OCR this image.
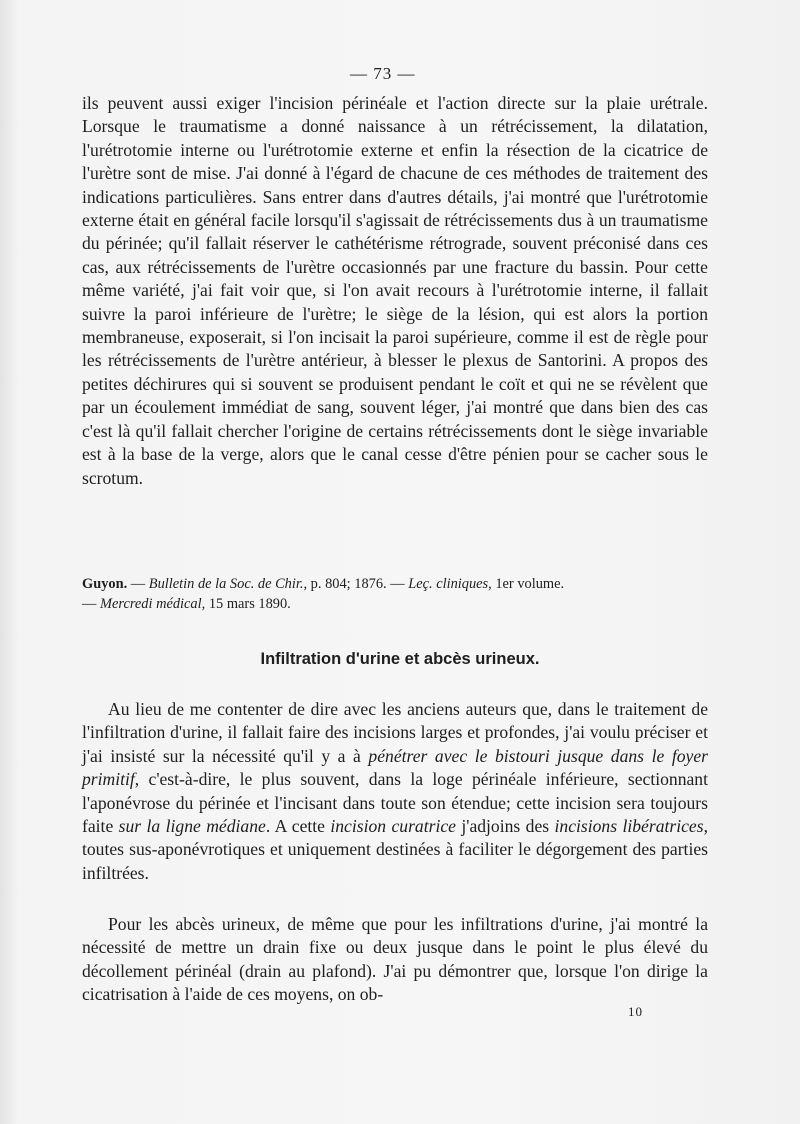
— 73 —

ils peuvent aussi exiger l'incision périnéale et l'action directe sur la plaie urétrale. Lorsque le traumatisme a donné naissance à un rétrécissement, la dilatation, l'urétrotomie interne ou l'urétrotomie externe et enfin la résection de la cicatrice de l'urètre sont de mise. J'ai donné à l'égard de chacune de ces méthodes de traitement des indications particulières. Sans entrer dans d'autres détails, j'ai montré que l'urétrotomie externe était en général facile lorsqu'il s'agissait de rétrécissements dus à un traumatisme du périnée; qu'il fallait réserver le cathétérisme rétrograde, souvent préconisé dans ces cas, aux rétrécissements de l'urètre occasionnés par une fracture du bassin. Pour cette même variété, j'ai fait voir que, si l'on avait recours à l'urétrotomie interne, il fallait suivre la paroi inférieure de l'urètre; le siège de la lésion, qui est alors la portion membraneuse, exposerait, si l'on incisait la paroi supérieure, comme il est de règle pour les rétrécissements de l'urètre antérieur, à blesser le plexus de Santorini. A propos des petites déchirures qui si souvent se produisent pendant le coït et qui ne se révèlent que par un écoulement immédiat de sang, souvent léger, j'ai montré que dans bien des cas c'est là qu'il fallait chercher l'origine de certains rétrécissements dont le siège invariable est à la base de la verge, alors que le canal cesse d'être pénien pour se cacher sous le scrotum.

Guyon. — Bulletin de la Soc. de Chir., p. 804; 1876. — Leç. cliniques, 1er volume.
— Mercredi médical, 15 mars 1890.

Infiltration d'urine et abcès urineux.

Au lieu de me contenter de dire avec les anciens auteurs que, dans le traitement de l'infiltration d'urine, il fallait faire des incisions larges et profondes, j'ai voulu préciser et j'ai insisté sur la nécessité qu'il y a à pénétrer avec le bistouri jusque dans le foyer primitif, c'est-à-dire, le plus souvent, dans la loge périnéale inférieure, sectionnant l'aponévrose du périnée et l'incisant dans toute son étendue; cette incision sera toujours faite sur la ligne médiane. A cette incision curatrice j'adjoins des incisions libératrices, toutes sus-aponévrotiques et uniquement destinées à faciliter le dégorgement des parties infiltrées.

Pour les abcès urineux, de même que pour les infiltrations d'urine, j'ai montré la nécessité de mettre un drain fixe ou deux jusque dans le point le plus élevé du décollement périnéal (drain au plafond). J'ai pu démontrer que, lorsque l'on dirige la cicatrisation à l'aide de ces moyens, on ob-

10
